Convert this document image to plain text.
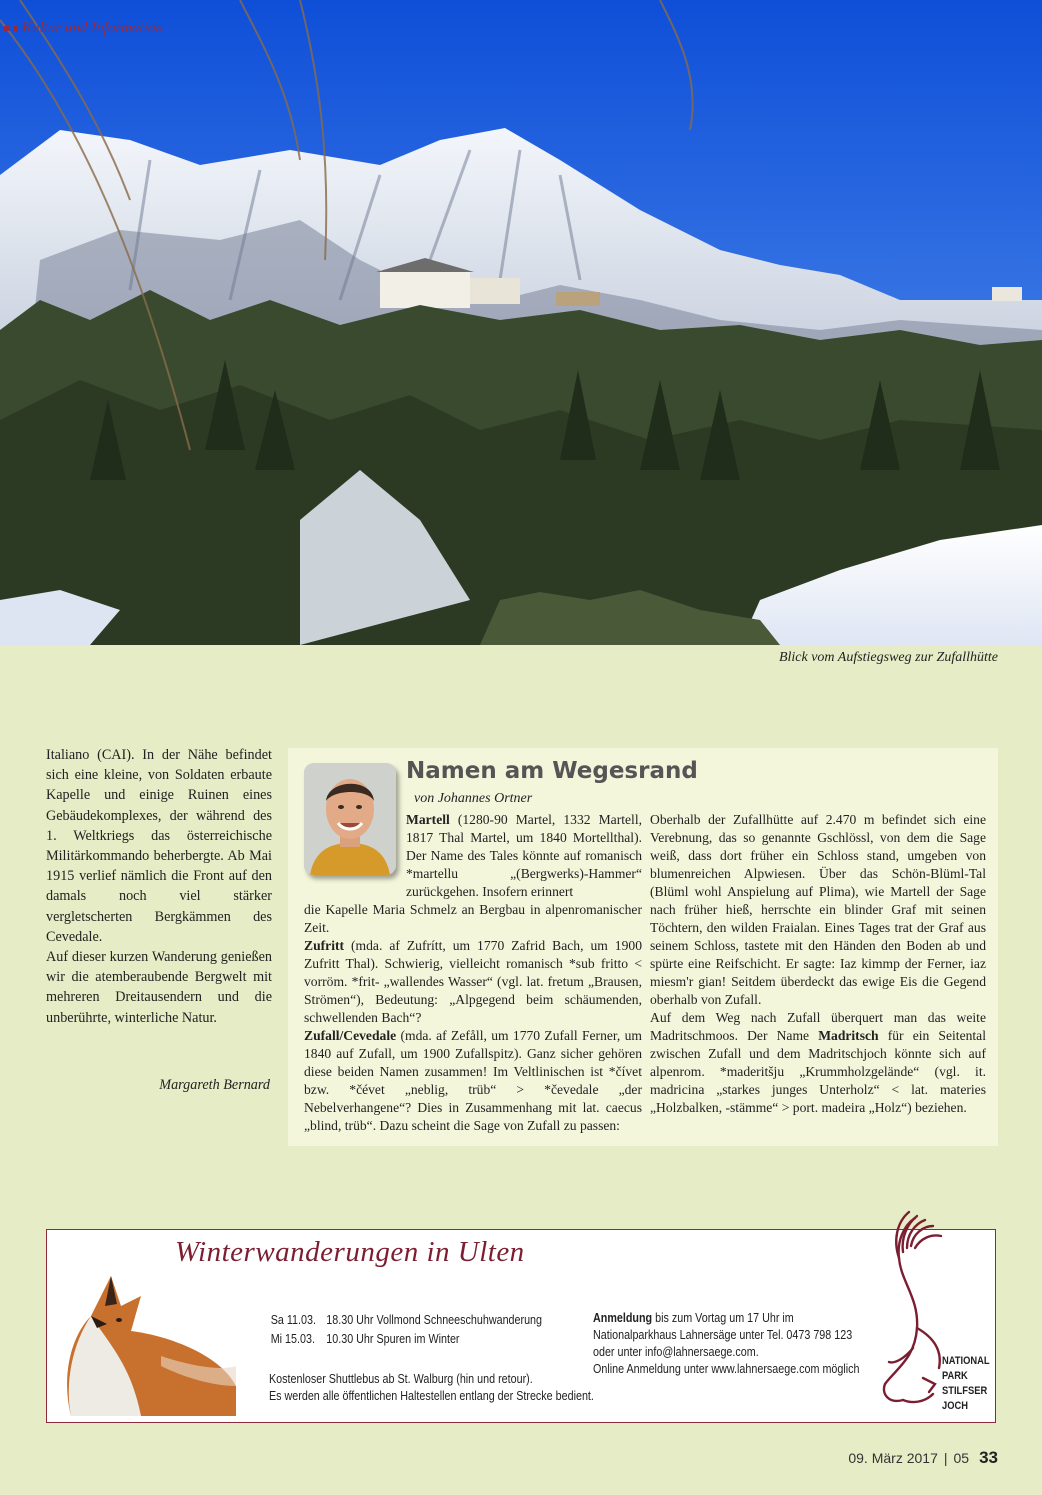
Kultur und Information
Blick vom Aufstiegsweg zur Zufallhütte

Italiano (CAI). In der Nähe befindet sich eine kleine, von Soldaten erbaute Kapelle und einige Ruinen eines Gebäudekomplexes, der während des 1. Weltkriegs das österreichische Militärkommando beherbergte. Ab Mai 1915 verlief nämlich die Front auf den damals noch viel stärker vergletscherten Bergkämmen des Cevedale.

Auf dieser kurzen Wanderung genießen wir die atemberaubende Bergwelt mit mehreren Dreitausendern und die unberührte, winterliche Natur.

Margareth Bernard
Namen am Wegesrand
von Johannes Ortner
Martell (1280-90 Martel, 1332 Martell, 1817 Thal Martel, um 1840 Mortellthal). Der Name des Tales könnte auf romanisch *martellu „(Bergwerks)-Hammer“ zurückgehen. Insofern erinnert
die Kapelle Maria Schmelz an Bergbau in alpenromanischer Zeit.
Zufritt (mda. af Zufrítt, um 1770 Zafrid Bach, um 1900 Zufritt Thal). Schwierig, vielleicht romanisch *sub fritto < vorröm. *frit- „wallendes Wasser“ (vgl. lat. fretum „Brausen, Strömen“), Bedeutung: „Alpgegend beim schäumenden, schwellenden Bach“?
Zufall/Cevedale (mda. af Zefåll, um 1770 Zufall Ferner, um 1840 auf Zufall, um 1900 Zufallspitz). Ganz sicher gehören diese beiden Namen zusammen! Im Veltlinischen ist *čívet bzw. *čévet „neblig, trüb“ > *čevedale „der Nebelverhangene“? Dies in Zusammenhang mit lat. caecus „blind, trüb“. Dazu scheint die Sage von Zufall zu passen:
Oberhalb der Zufallhütte auf 2.470 m befindet sich eine Verebnung, das so genannte Gschlössl, von dem die Sage weiß, dass dort früher ein Schloss stand, umgeben von blumenreichen Alpwiesen. Über das Schön-Blüml-Tal (Blüml wohl Anspielung auf Plima), wie Martell der Sage nach früher hieß, herrschte ein blinder Graf mit seinen Töchtern, den wilden Fraialan. Eines Tages trat der Graf aus seinem Schloss, tastete mit den Händen den Boden ab und spürte eine Reifschicht. Er sagte: Iaz kimmp der Ferner, iaz miesm'r gian! Seitdem überdeckt das ewige Eis die Gegend oberhalb von Zufall.
Auf dem Weg nach Zufall überquert man das weite Madritschmoos. Der Name Madritsch für ein Seitental zwischen Zufall und dem Madritschjoch könnte sich auf alpenrom. *maderitšju „Krummholzgelände“ (vgl. it. madricina „starkes junges Unterholz“ < lat. materies „Holzbalken, -stämme“ > port. madeira „Holz“) beziehen.
Winterwanderungen in Ulten
Sa 11.03.	18.30 Uhr Vollmond Schneeschuhwanderung
Mi 15.03.	10.30 Uhr Spuren im Winter
Kostenloser Shuttlebus ab St. Walburg (hin und retour).
Es werden alle öffentlichen Haltestellen entlang der Strecke bedient.
Anmeldung bis zum Vortag um 17 Uhr im
Nationalparkhaus Lahnersäge unter Tel. 0473 798 123
oder unter info@lahnersaege.com.
Online Anmeldung unter www.lahnersaege.com möglich
NATIONAL
PARK
STILFSER
JOCH
09. März 2017 | 05 33
